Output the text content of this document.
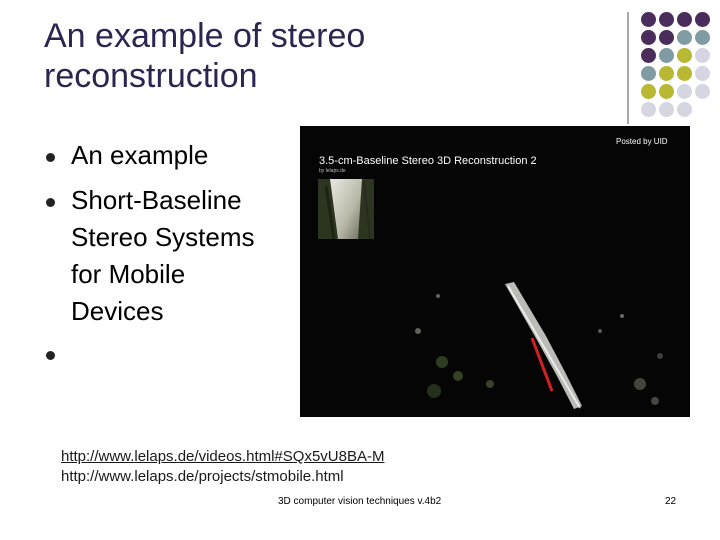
An example of stereo
reconstruction
An example
Short-Baseline
Stereo Systems
for Mobile
Devices
3.5-cm-Baseline Stereo 3D Reconstruction 2
by lelaps.de
Posted by UID
http://www.lelaps.de/videos.html#SQx5vU8BA-M
http://www.lelaps.de/projects/stmobile.html
3D computer vision techniques v.4b2	22
